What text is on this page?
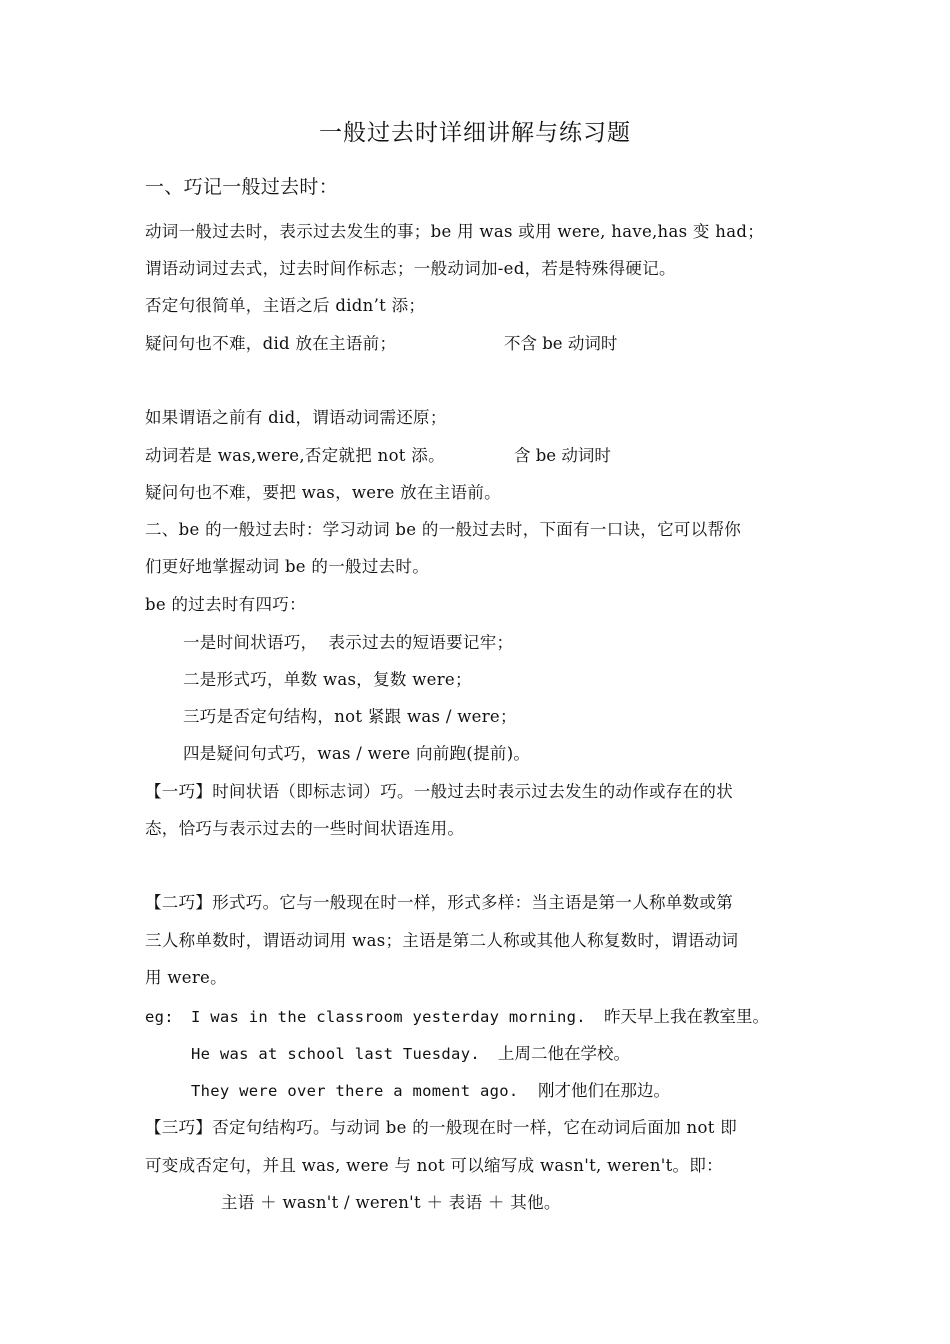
一般过去时详细讲解与练习题
一、巧记一般过去时：
动词一般过去时，表示过去发生的事；be 用 was 或用 were, have,has 变 had；
谓语动词过去式，过去时间作标志；一般动词加-ed，若是特殊得硬记。
否定句很简单，主语之后 didn’t 添；
疑问句也不难，did 放在主语前；	不含 be 动词时
如果谓语之前有 did，谓语动词需还原；
动词若是 was,were,否定就把 not 添。	含 be 动词时
疑问句也不难，要把 was，were 放在主语前。
二、be 的一般过去时：学习动词 be 的一般过去时，下面有一口诀，它可以帮你
们更好地掌握动词 be 的一般过去时。
be 的过去时有四巧：
一是时间状语巧，  表示过去的短语要记牢；
二是形式巧，单数 was，复数 were；
三巧是否定句结构，not 紧跟 was / were；
四是疑问句式巧，was / were 向前跑(提前)。
【一巧】时间状语（即标志词）巧。一般过去时表示过去发生的动作或存在的状
态，恰巧与表示过去的一些时间状语连用。
【二巧】形式巧。它与一般现在时一样，形式多样：当主语是第一人称单数或第
三人称单数时，谓语动词用 was；主语是第二人称或其他人称复数时，谓语动词
用 were。
eg: I was in the classroom yesterday morning. 昨天早上我在教室里。
He was at school last Tuesday. 上周二他在学校。
They were over there a moment ago. 刚才他们在那边。
【三巧】否定句结构巧。与动词 be 的一般现在时一样，它在动词后面加 not 即
可变成否定句，并且 was, were 与 not 可以缩写成 wasn't, weren't。即：
主语 ＋ wasn't / weren't ＋ 表语 ＋ 其他。
